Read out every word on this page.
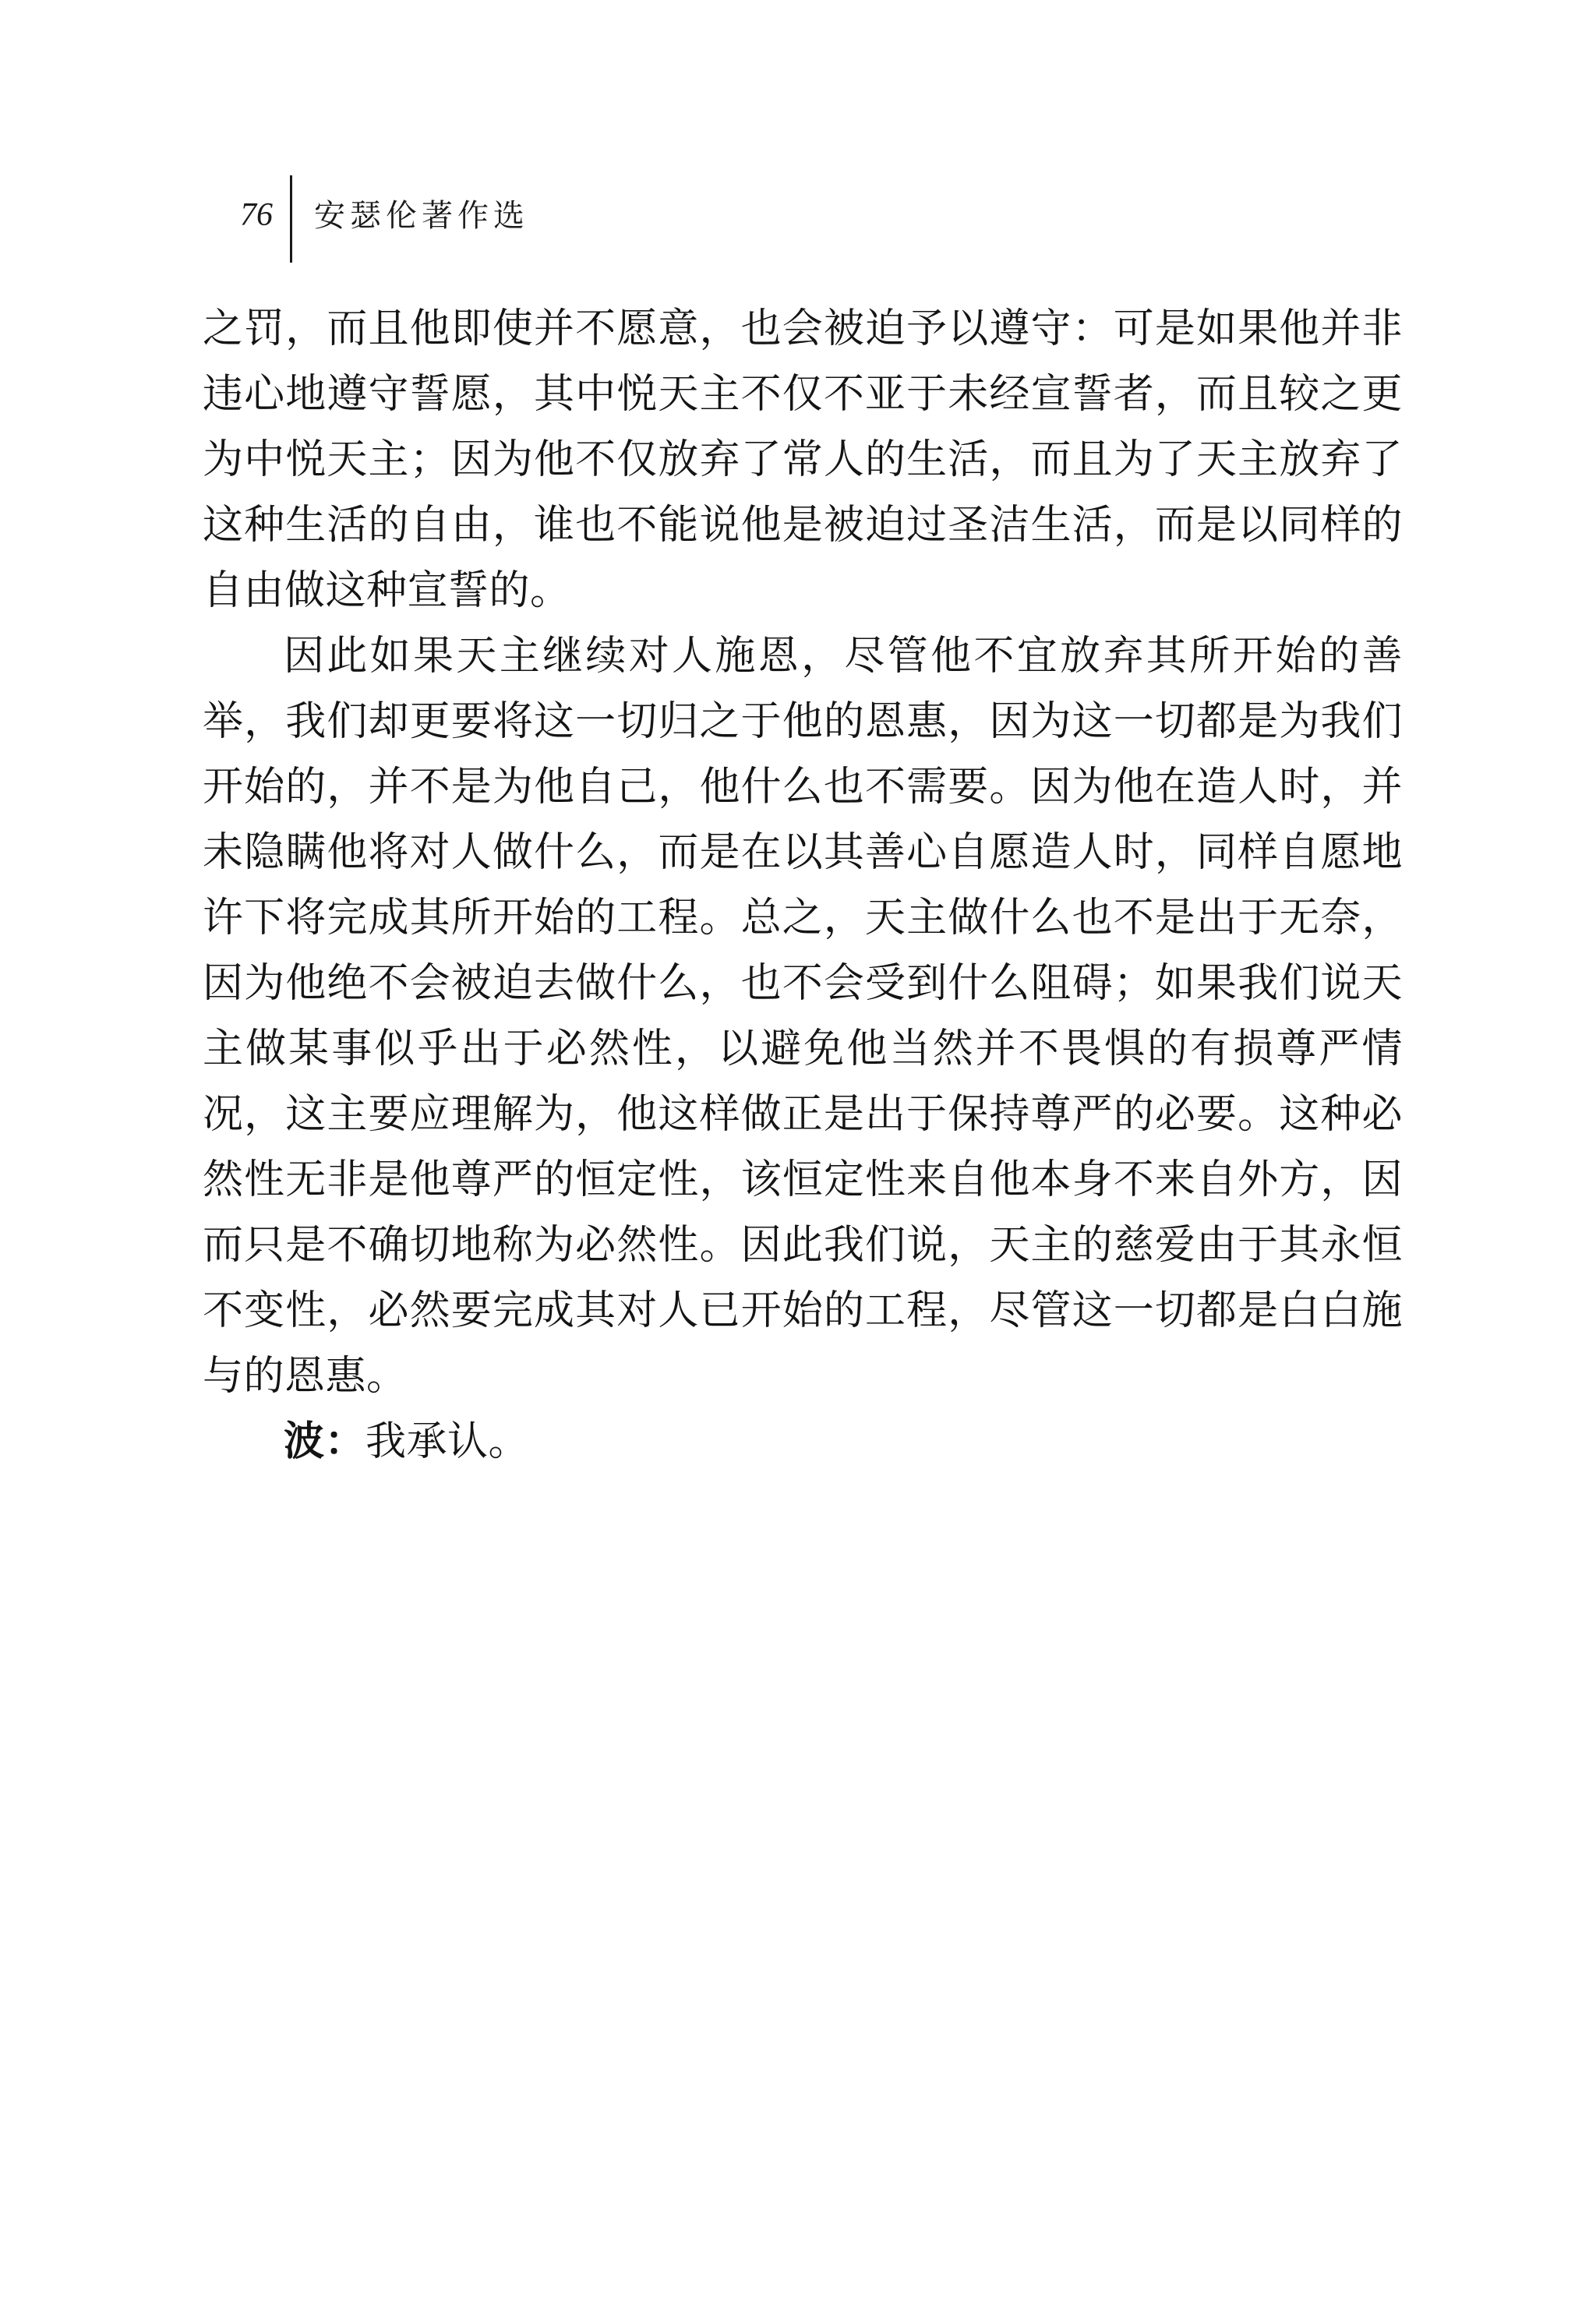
76 安瑟伦著作选

之罚，而且他即使并不愿意，也会被迫予以遵守：可是如果他并非违心地遵守誓愿，其中悦天主不仅不亚于未经宣誓者，而且较之更为中悦天主；因为他不仅放弃了常人的生活，而且为了天主放弃了这种生活的自由，谁也不能说他是被迫过圣洁生活，而是以同样的自由做这种宣誓的。

因此如果天主继续对人施恩，尽管他不宜放弃其所开始的善举，我们却更要将这一切归之于他的恩惠，因为这一切都是为我们开始的，并不是为他自己，他什么也不需要。因为他在造人时，并未隐瞒他将对人做什么，而是在以其善心自愿造人时，同样自愿地许下将完成其所开始的工程。总之，天主做什么也不是出于无奈，因为他绝不会被迫去做什么，也不会受到什么阻碍；如果我们说天主做某事似乎出于必然性，以避免他当然并不畏惧的有损尊严情况，这主要应理解为，他这样做正是出于保持尊严的必要。这种必然性无非是他尊严的恒定性，该恒定性来自他本身不来自外方，因而只是不确切地称为必然性。因此我们说，天主的慈爱由于其永恒不变性，必然要完成其对人已开始的工程，尽管这一切都是白白施与的恩惠。

波：我承认。
